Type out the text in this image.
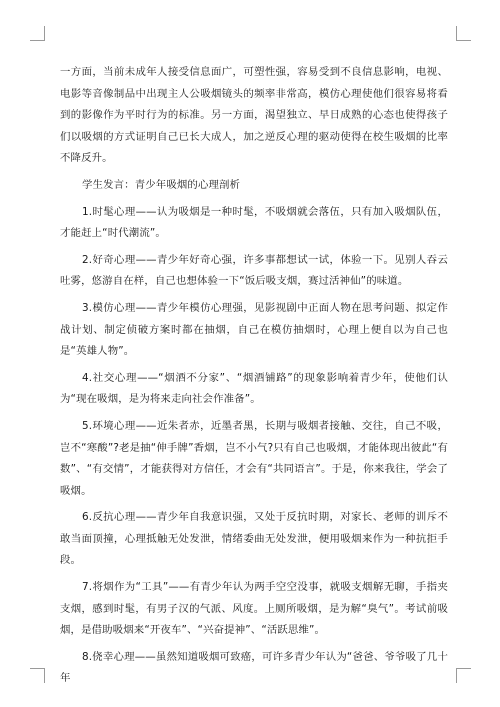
一方面，当前未成年人接受信息面广，可塑性强，容易受到不良信息影响，电视、电影等音像制品中出现主人公吸烟镜头的频率非常高，模仿心理使他们很容易将看到的影像作为平时行为的标准。另一方面，渴望独立、早日成熟的心态也使得孩子们以吸烟的方式证明自己已长大成人，加之逆反心理的驱动使得在校生吸烟的比率不降反升。

学生发言：青少年吸烟的心理剖析

1.时髦心理——认为吸烟是一种时髦，不吸烟就会落伍，只有加入吸烟队伍，才能赶上“时代潮流”。

2.好奇心理——青少年好奇心强，许多事都想试一试，体验一下。见别人吞云吐雾，悠游自在样，自己也想体验一下“饭后吸支烟，赛过活神仙”的味道。

3.模仿心理——青少年模仿心理强，见影视剧中正面人物在思考问题、拟定作战计划、制定侦破方案时都在抽烟，自己在模仿抽烟时，心理上便自以为自己也是“英雄人物”。

4.社交心理——“烟酒不分家”、“烟酒铺路”的现象影响着青少年，使他们认为“现在吸烟，是为将来走向社会作准备”。

5.环境心理——近朱者赤，近墨者黑，长期与吸烟者接触、交往，自己不吸，岂不“寒酸”?老是抽“伸手牌”香烟，岂不小气?只有自己也吸烟，才能体现出彼此“有数”、“有交情”，才能获得对方信任，才会有“共同语言”。于是，你来我往，学会了吸烟。

6.反抗心理——青少年自我意识强，又处于反抗时期，对家长、老师的训斥不敢当面顶撞，心理抵触无处发泄，情绪委曲无处发泄，便用吸烟来作为一种抗拒手段。

7.将烟作为“工具”——有青少年认为两手空空没事，就吸支烟解无聊，手指夹支烟，感到时髦，有男子汉的气派、风度。上厕所吸烟，是为解“臭气”。考试前吸烟，是借助吸烟来“开夜车”、“兴奋提神”、“活跃思维”。

8.侥幸心理——虽然知道吸烟可致癌，可许多青少年认为“爸爸、爷爷吸了几十年
